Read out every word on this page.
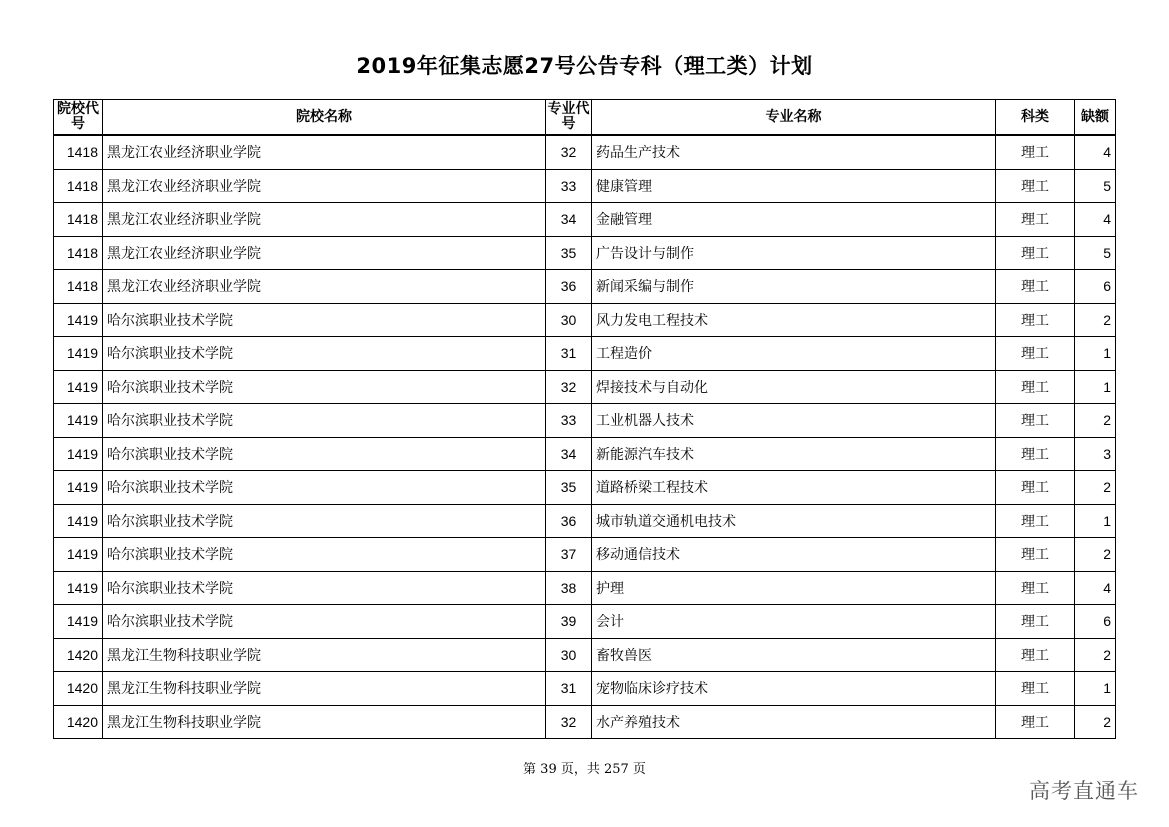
2019年征集志愿27号公告专科（理工类）计划
院校代号	院校名称	专业代号	专业名称	科类	缺额
1418	黑龙江农业经济职业学院	32	药品生产技术	理工	4
1418	黑龙江农业经济职业学院	33	健康管理	理工	5
1418	黑龙江农业经济职业学院	34	金融管理	理工	4
1418	黑龙江农业经济职业学院	35	广告设计与制作	理工	5
1418	黑龙江农业经济职业学院	36	新闻采编与制作	理工	6
1419	哈尔滨职业技术学院	30	风力发电工程技术	理工	2
1419	哈尔滨职业技术学院	31	工程造价	理工	1
1419	哈尔滨职业技术学院	32	焊接技术与自动化	理工	1
1419	哈尔滨职业技术学院	33	工业机器人技术	理工	2
1419	哈尔滨职业技术学院	34	新能源汽车技术	理工	3
1419	哈尔滨职业技术学院	35	道路桥梁工程技术	理工	2
1419	哈尔滨职业技术学院	36	城市轨道交通机电技术	理工	1
1419	哈尔滨职业技术学院	37	移动通信技术	理工	2
1419	哈尔滨职业技术学院	38	护理	理工	4
1419	哈尔滨职业技术学院	39	会计	理工	6
1420	黑龙江生物科技职业学院	30	畜牧兽医	理工	2
1420	黑龙江生物科技职业学院	31	宠物临床诊疗技术	理工	1
1420	黑龙江生物科技职业学院	32	水产养殖技术	理工	2
第 39 页，共 257 页
高考直通车
